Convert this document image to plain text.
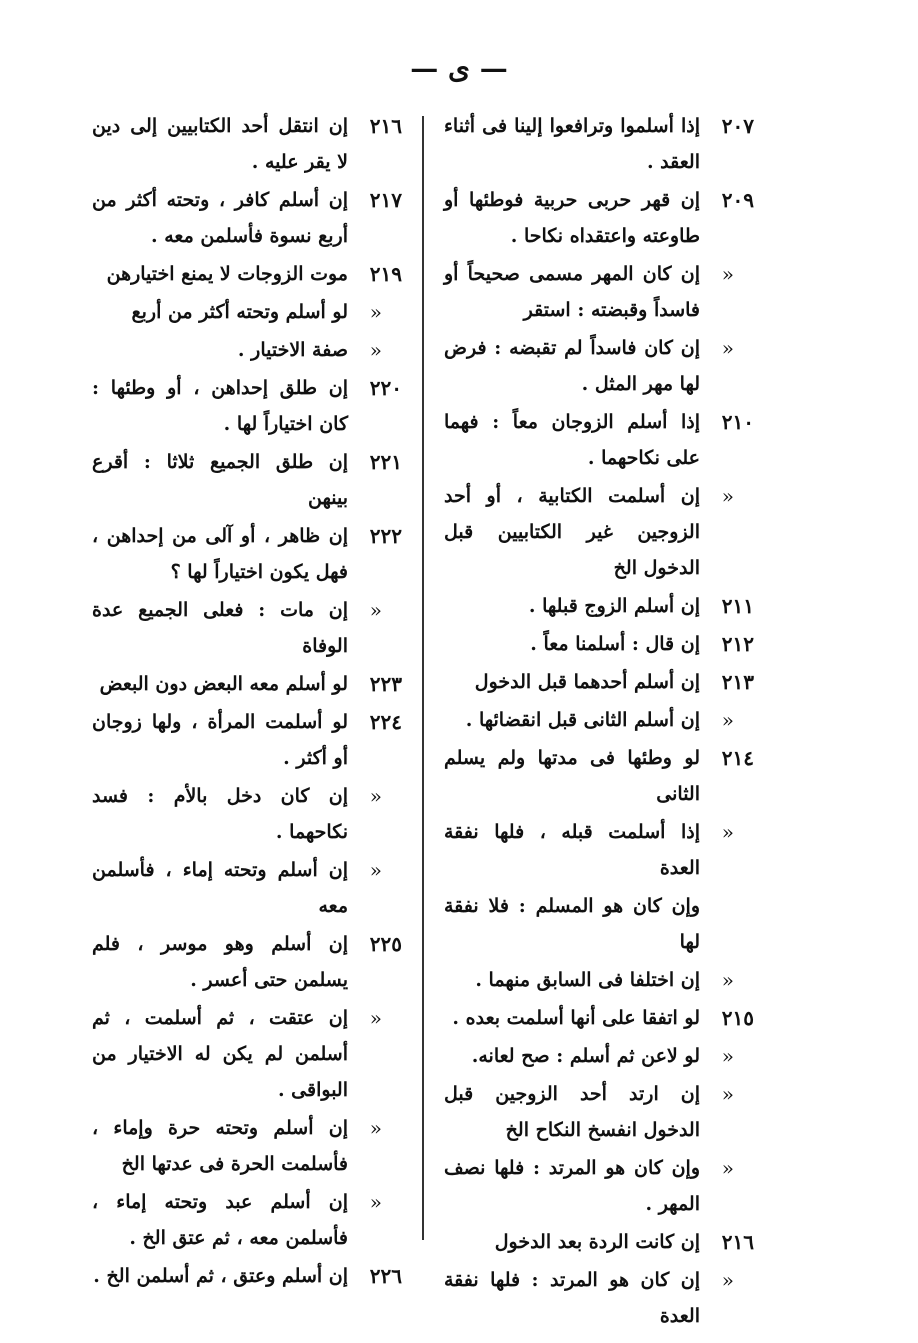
— ى —
٢٠٧
إذا أسلموا وترافعوا إلينا فى أثناء العقد .
٢٠٩
إن قهر حربى حربية فوطئها أو طاوعته واعتقداه نكاحا .
«
إن كان المهر مسمى صحيحاً أو فاسداً وقبضته : استقر
«
إن كان فاسداً لم تقبضه : فرض لها مهر المثل .
٢١٠
إذا أسلم الزوجان معاً : فهما على نكاحهما .
«
إن أسلمت الكتابية ، أو أحد الزوجين غير الكتابيين قبل الدخول الخ
٢١١
إن أسلم الزوج قبلها .
٢١٢
إن قال : أسلمنا معاً .
٢١٣
إن أسلم أحدهما قبل الدخول
«
إن أسلم الثانى قبل انقضائها .
٢١٤
لو وطئها فى مدتها ولم يسلم الثانى
«
إذا أسلمت قبله ، فلها نفقة العدة
وإن كان هو المسلم : فلا نفقة لها
«
إن اختلفا فى السابق منهما .
٢١٥
لو اتفقا على أنها أسلمت بعده .
«
لو لاعن ثم أسلم : صح لعانه.
«
إن ارتد أحد الزوجين قبل الدخول انفسخ النكاح الخ
«
وإن كان هو المرتد : فلها نصف المهر .
٢١٦
إن كانت الردة بعد الدخول
«
إن كان هو المرتد : فلها نفقة العدة
٢١٦
إن انتقل أحد الكتابيين إلى دين لا يقر عليه .
٢١٧
إن أسلم كافر ، وتحته أكثر من أربع نسوة فأسلمن معه .
٢١٩
موت الزوجات لا يمنع اختيارهن
«
لو أسلم وتحته أكثر من أربع
«
صفة الاختيار .
٢٢٠
إن طلق إحداهن ، أو وطئها : كان اختياراً لها .
٢٢١
إن طلق الجميع ثلاثا : أقرع بينهن
٢٢٢
إن ظاهر ، أو آلى من إحداهن ، فهل يكون اختياراً لها ؟
«
إن مات : فعلى الجميع عدة الوفاة
٢٢٣
لو أسلم معه البعض دون البعض
٢٢٤
لو أسلمت المرأة ، ولها زوجان أو أكثر .
«
إن كان دخل بالأم : فسد نكاحهما .
«
إن أسلم وتحته إماء ، فأسلمن معه
٢٢٥
إن أسلم وهو موسر ، فلم يسلمن حتى أعسر .
«
إن عتقت ، ثم أسلمت ، ثم أسلمن لم يكن له الاختيار من البواقى .
«
إن أسلم وتحته حرة وإماء ، فأسلمت الحرة فى عدتها الخ
«
إن أسلم عبد وتحته إماء ، فأسلمن معه ، ثم عتق الخ .
٢٢٦
إن أسلم وعتق ، ثم أسلمن الخ .
